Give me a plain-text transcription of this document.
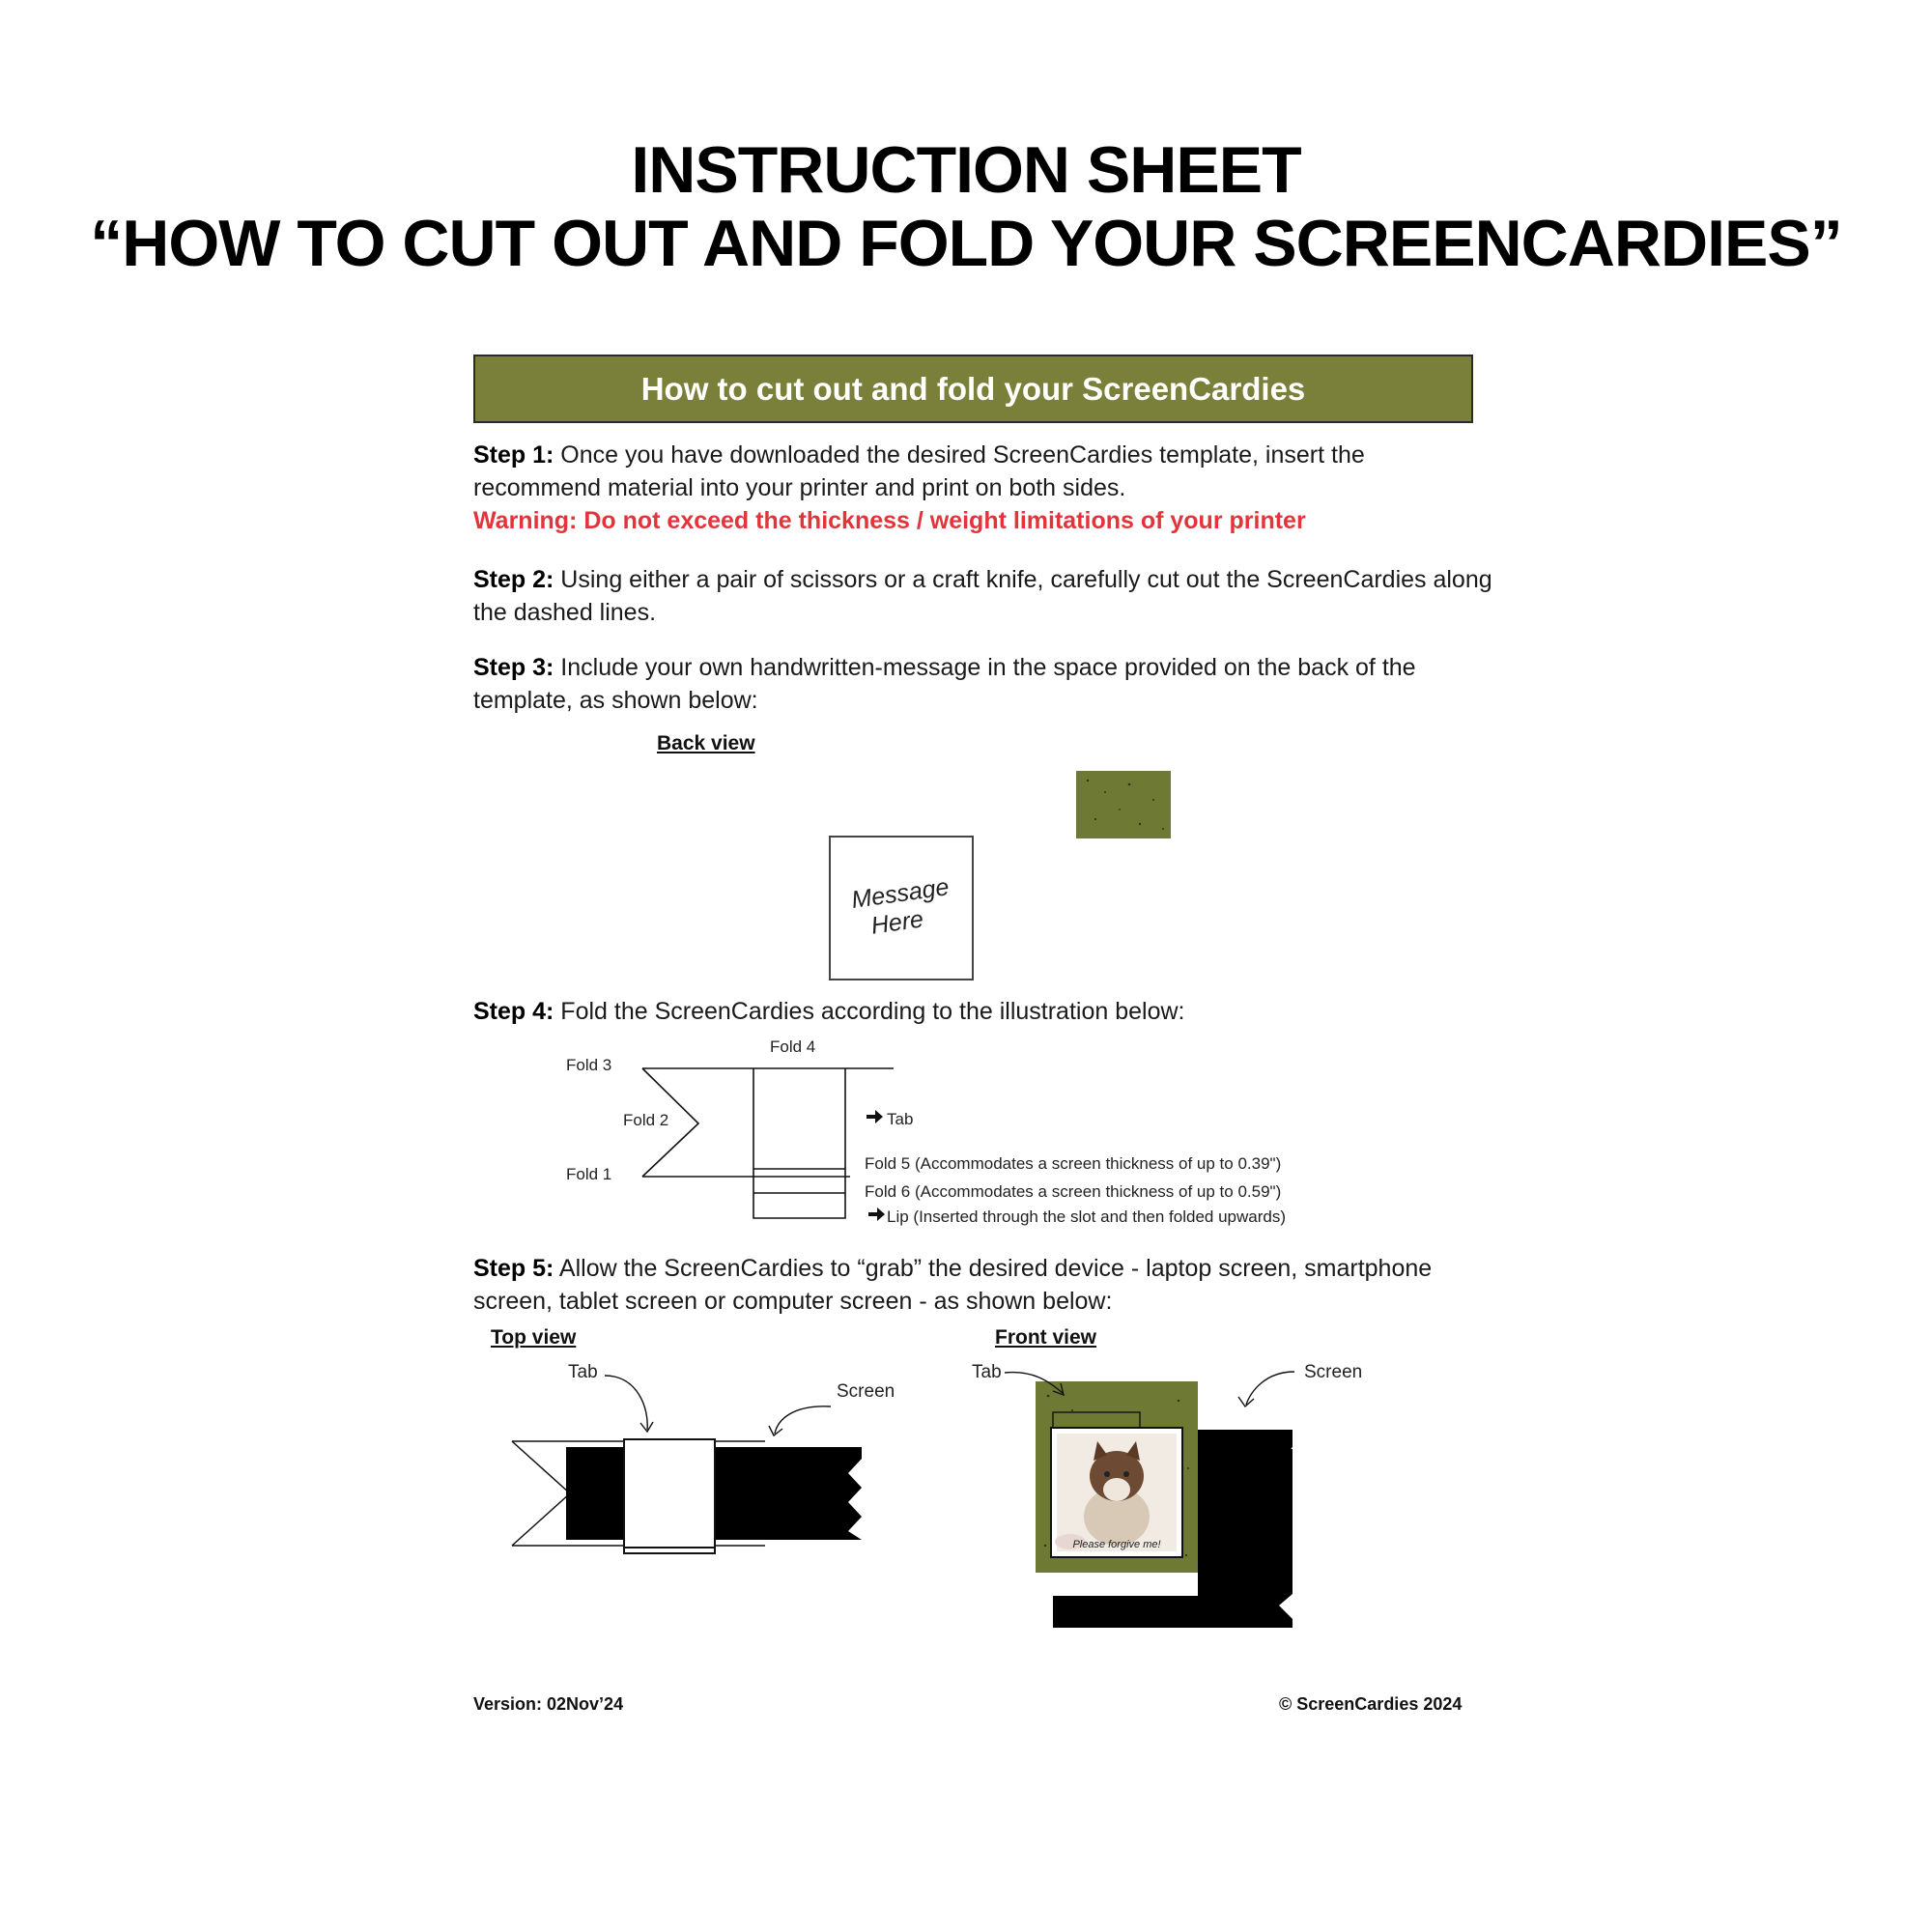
INSTRUCTION SHEET
“HOW TO CUT OUT AND FOLD YOUR SCREENCARDIES”
How to cut out and fold your ScreenCardies
Step 1: Once you have downloaded the desired ScreenCardies template, insert the recommend material into your printer and print on both sides.
Warning: Do not exceed the thickness / weight limitations of your printer
Step 2: Using either a pair of scissors or a craft knife, carefully cut out the ScreenCardies along the dashed lines.
Step 3: Include your own handwritten-message in the space provided on the back of the template, as shown below:
Back view
Message
Here
Step 4: Fold the ScreenCardies according to the illustration below:
Fold 3
Fold 2
Fold 1
Fold 4
Tab
Fold 5 (Accommodates a screen thickness of up to 0.39")
Fold 6 (Accommodates a screen thickness of up to 0.59")
Lip (Inserted through the slot and then folded upwards)
Step 5: Allow the ScreenCardies to “grab” the desired device - laptop screen, smartphone screen, tablet screen or computer screen - as shown below:
Top view	Front view
Tab
Screen
Please forgive me!
Tab	Screen
Version: 02Nov’24	© ScreenCardies 2024
